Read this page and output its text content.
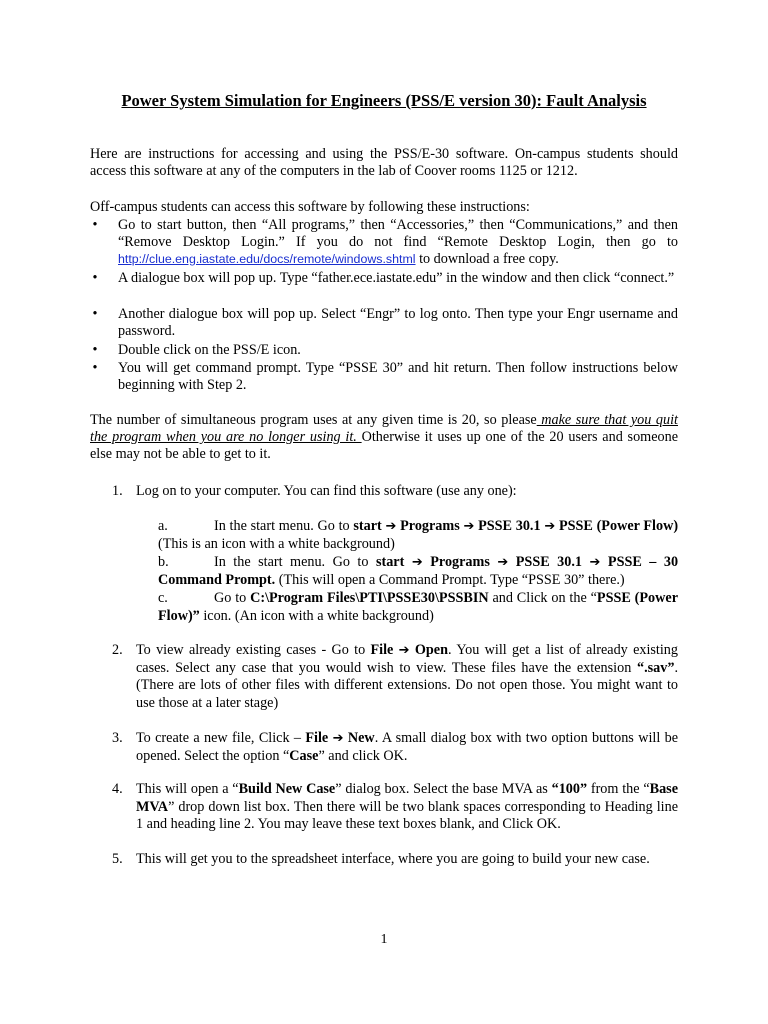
Power System Simulation for Engineers (PSS/E version 30): Fault Analysis

Here are instructions for accessing and using the PSS/E-30 software. On-campus students should access this software at any of the computers in the lab of Coover rooms 1125 or 1212.

Off-campus students can access this software by following these instructions:

• Go to start button, then “All programs,” then “Accessories,” then “Communications,” and then “Remove Desktop Login.” If you do not find “Remote Desktop Login, then go to http://clue.eng.iastate.edu/docs/remote/windows.shtml to download a free copy.
• A dialogue box will pop up. Type “father.ece.iastate.edu” in the window and then click “connect.”
• Another dialogue box will pop up. Select “Engr” to log onto. Then type your Engr username and password.
• Double click on the PSS/E icon.
• You will get command prompt. Type “PSSE 30” and hit return. Then follow instructions below beginning with Step 2.

The number of simultaneous program uses at any given time is 20, so please make sure that you quit the program when you are no longer using it. Otherwise it uses up one of the 20 users and someone else may not be able to get to it.

1. Log on to your computer. You can find this software (use any one):
a.	In the start menu. Go to start ➔ Programs ➔ PSSE 30.1 ➔ PSSE (Power Flow) (This is an icon with a white background)
b.	In the start menu. Go to start ➔ Programs ➔ PSSE 30.1 ➔ PSSE – 30 Command Prompt. (This will open a Command Prompt. Type “PSSE 30” there.)
c.	Go to C:\Program Files\PTI\PSSE30\PSSBIN and Click on the “PSSE (Power Flow)” icon. (An icon with a white background)
2. To view already existing cases - Go to File ➔ Open. You will get a list of already existing cases. Select any case that you would wish to view. These files have the extension “.sav”. (There are lots of other files with different extensions. Do not open those. You might want to use those at a later stage)
3. To create a new file, Click – File ➔ New. A small dialog box with two option buttons will be opened. Select the option “Case” and click OK.
4. This will open a “Build New Case” dialog box. Select the base MVA as “100” from the “Base MVA” drop down list box. Then there will be two blank spaces corresponding to Heading line 1 and heading line 2. You may leave these text boxes blank, and Click OK.
5. This will get you to the spreadsheet interface, where you are going to build your new case.
1
